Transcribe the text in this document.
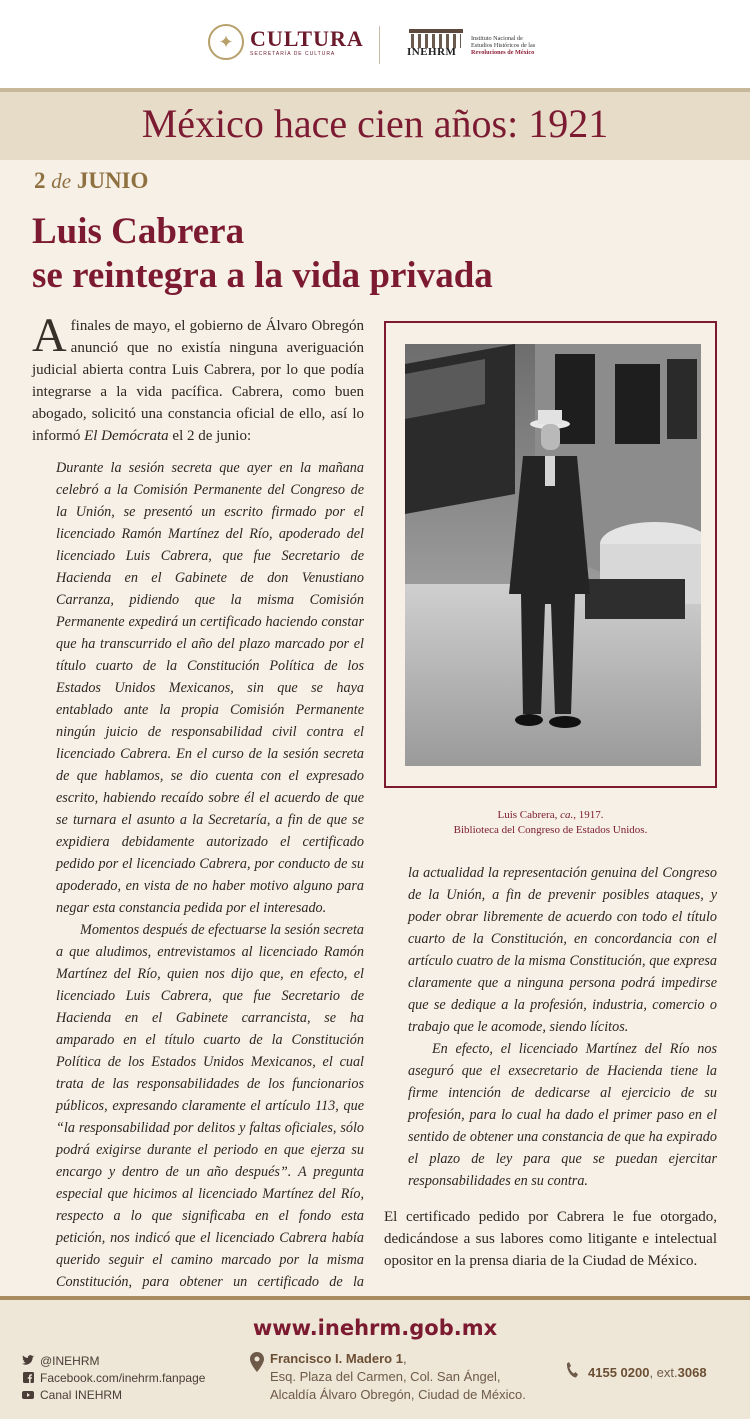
✦ CULTURA
SECRETARÍA DE CULTURA	INEHRM
Instituto Nacional de
Estudios Históricos de las
Revoluciones de México
México hace cien años: 1921
2 de JUNIO
Luis Cabrera
se reintegra a la vida privada

Afinales de mayo, el gobierno de Álvaro Obregón anunció que no existía ninguna averiguación judicial abierta contra Luis Cabrera, por lo que podía integrarse a la vida pacífica. Cabrera, como buen abogado, solicitó una constancia oficial de ello, así lo informó El Demócrata el 2 de junio:

Durante la sesión secreta que ayer en la mañana celebró a la Comisión Permanente del Congreso de la Unión, se presentó un escrito firmado por el licenciado Ramón Martínez del Río, apoderado del licenciado Luis Cabrera, que fue Secretario de Hacienda en el Gabinete de don Venustiano Carranza, pidiendo que la misma Comisión Permanente expedirá un certificado haciendo constar que ha transcurrido el año del plazo marcado por el título cuarto de la Constitución Política de los Estados Unidos Mexicanos, sin que se haya entablado ante la propia Comisión Permanente ningún juicio de responsabilidad civil contra el licenciado Cabrera. En el curso de la sesión secreta de que hablamos, se dio cuenta con el expresado escrito, habiendo recaído sobre él el acuerdo de que se turnara el asunto a la Secretaría, a fin de que se expidiera debidamente autorizado el certificado pedido por el licenciado Cabrera, por conducto de su apoderado, en vista de no haber motivo alguno para negar esta constancia pedida por el interesado.

Momentos después de efectuarse la sesión secreta a que aludimos, entrevistamos al licenciado Ramón Martínez del Río, quien nos dijo que, en efecto, el licenciado Luis Cabrera, que fue Secretario de Hacienda en el Gabinete carrancista, se ha amparado en el título cuarto de la Constitución Política de los Estados Unidos Mexicanos, el cual trata de las responsabilidades de los funcionarios públicos, expresando claramente el artículo 113, que “la responsabilidad por delitos y faltas oficiales, sólo podrá exigirse durante el periodo en que ejerza su encargo y dentro de un año después”. A pregunta especial que hicimos al licenciado Martínez del Río, respecto a lo que significaba en el fondo esta petición, nos indicó que el licenciado Cabrera había querido seguir el camino marcado por la misma Constitución, para obtener un certificado de la

Luis Cabrera, ca., 1917.
Biblioteca del Congreso de Estados Unidos.

la actualidad la representación genuina del Congreso de la Unión, a fin de prevenir posibles ataques, y poder obrar libremente de acuerdo con todo el título cuarto de la Constitución, en concordancia con el artículo cuatro de la misma Constitución, que expresa claramente que a ninguna persona podrá impedirse que se dedique a la profesión, industria, comercio o trabajo que le acomode, siendo lícitos.

En efecto, el licenciado Martínez del Río nos aseguró que el exsecretario de Hacienda tiene la firme intención de dedicarse al ejercicio de su profesión, para lo cual ha dado el primer paso en el sentido de obtener una constancia de que ha expirado el plazo de ley para que se puedan ejercitar responsabilidades en su contra.

El certificado pedido por Cabrera le fue otorgado, dedicándose a sus labores como litigante e intelectual opositor en la prensa diaria de la Ciudad de México.

www.inehrm.gob.mx
@INEHRM
Facebook.com/inehrm.fanpage
Canal INEHRM
Francisco I. Madero 1,
Esq. Plaza del Carmen, Col. San Ángel,
Alcaldía Álvaro Obregón, Ciudad de México.
4155 0200 , ext. 3068
